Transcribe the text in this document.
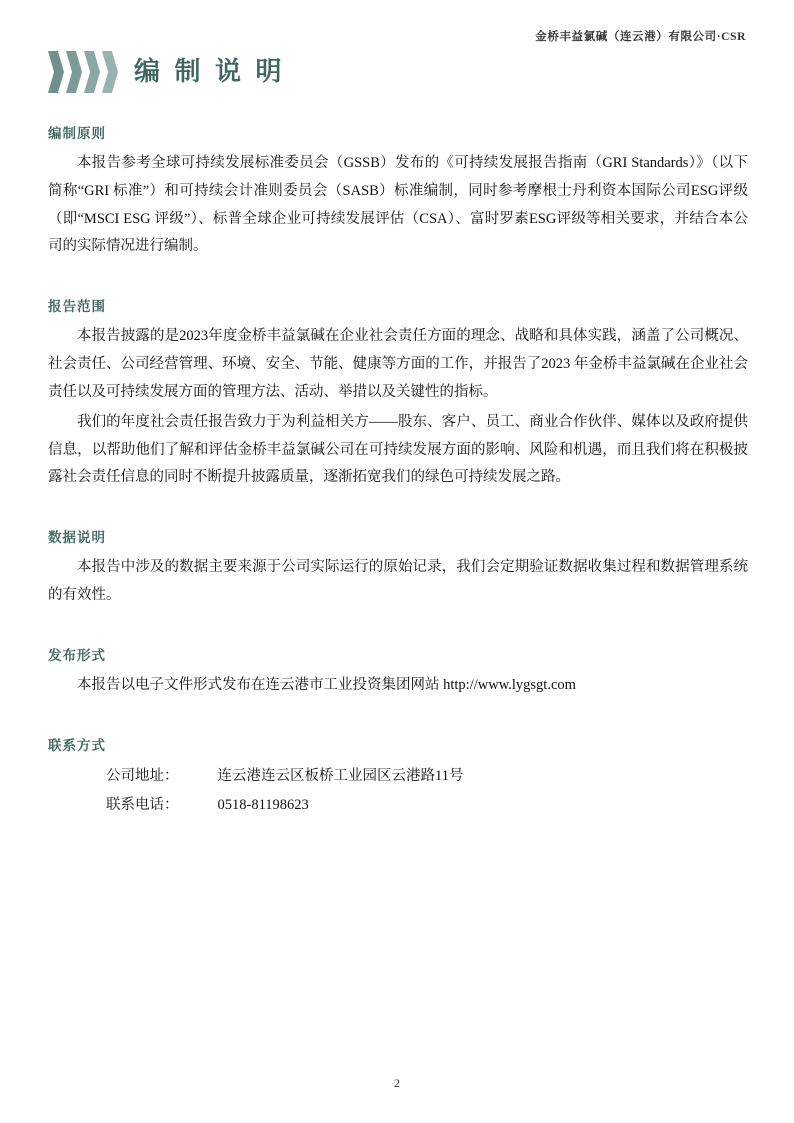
金桥丰益氯碱（连云港）有限公司·CSR
编 制 说 明
编制原则

本报告参考全球可持续发展标准委员会（GSSB）发布的《可持续发展报告指南（GRI Standards）》（以下简称“GRI 标准”）和可持续会计准则委员会（SASB）标准编制，同时参考摩根士丹利资本国际公司ESG评级（即“MSCI ESG 评级”）、标普全球企业可持续发展评估（CSA）、富时罗素ESG评级等相关要求，并结合本公司的实际情况进行编制。

报告范围

本报告披露的是2023年度金桥丰益氯碱在企业社会责任方面的理念、战略和具体实践，涵盖了公司概况、社会责任、公司经营管理、环境、安全、节能、健康等方面的工作，并报告了2023 年金桥丰益氯碱在企业社会责任以及可持续发展方面的管理方法、活动、举措以及关键性的指标。

我们的年度社会责任报告致力于为利益相关方——股东、客户、员工、商业合作伙伴、媒体以及政府提供信息，以帮助他们了解和评估金桥丰益氯碱公司在可持续发展方面的影响、风险和机遇，而且我们将在积极披露社会责任信息的同时不断提升披露质量，逐渐拓宽我们的绿色可持续发展之路。

数据说明

本报告中涉及的数据主要来源于公司实际运行的原始记录，我们会定期验证数据收集过程和数据管理系统的有效性。

发布形式

本报告以电子文件形式发布在连云港市工业投资集团网站 http://www.lygsgt.com

联系方式

公司地址：	连云港连云区板桥工业园区云港路11号

联系电话：	0518-81198623

2
